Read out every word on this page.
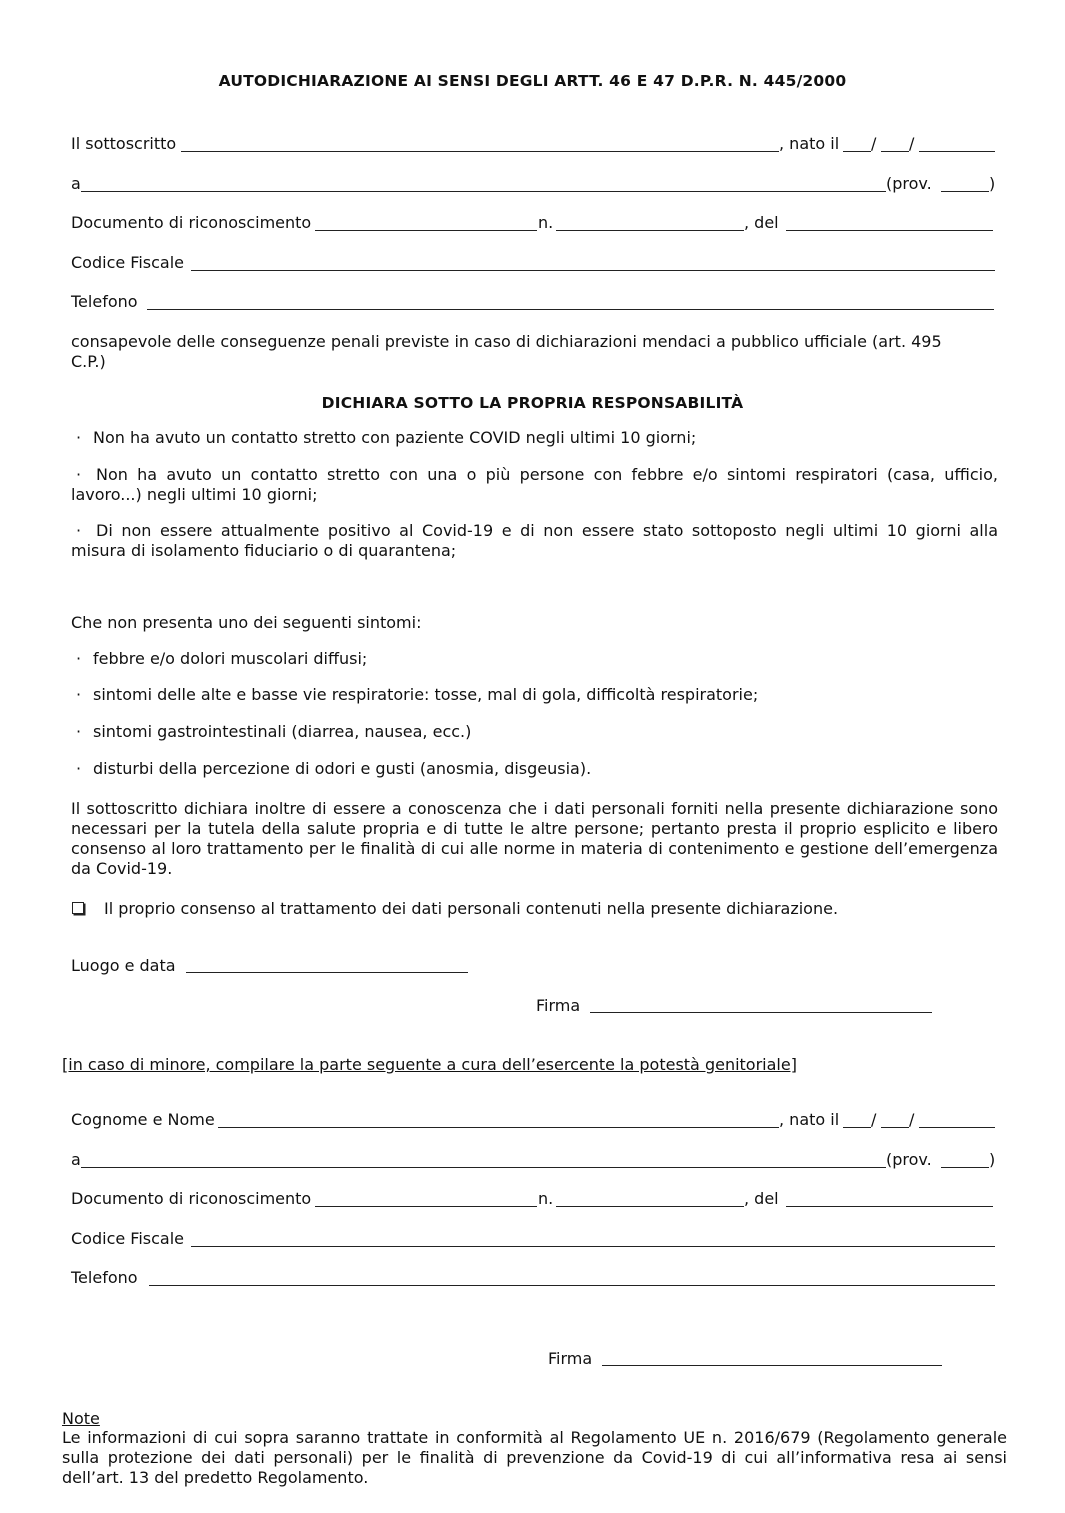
AUTODICHIARAZIONE AI SENSI DEGLI ARTT. 46 E 47 D.P.R. N. 445/2000
Il sottoscritto	, nato il / /
a	(prov.	)
Documento di riconoscimento	n.	, del
Codice Fiscale
Telefono
consapevole delle conseguenze penali previste in caso di dichiarazioni mendaci a pubblico ufficiale (art. 495 C.P.)
DICHIARA SOTTO LA PROPRIA RESPONSABILITÀ
· Non ha avuto un contatto stretto con paziente COVID negli ultimi 10 giorni;
· Non ha avuto un contatto stretto con una o più persone con febbre e/o sintomi respiratori (casa, ufficio, lavoro...) negli ultimi 10 giorni;
· Di non essere attualmente positivo al Covid-19 e di non essere stato sottoposto negli ultimi 10 giorni alla misura di isolamento fiduciario o di quarantena;
Che non presenta uno dei seguenti sintomi:
· febbre e/o dolori muscolari diffusi;
· sintomi delle alte e basse vie respiratorie: tosse, mal di gola, difficoltà respiratorie;
· sintomi gastrointestinali (diarrea, nausea, ecc.)
· disturbi della percezione di odori e gusti (anosmia, disgeusia).
Il sottoscritto dichiara inoltre di essere a conoscenza che i dati personali forniti nella presente dichiarazione sono necessari per la tutela della salute propria e di tutte le altre persone; pertanto presta il proprio esplicito e libero consenso al loro trattamento per le finalità di cui alle norme in materia di contenimento e gestione dell’emergenza da Covid-19.
Il proprio consenso al trattamento dei dati personali contenuti nella presente dichiarazione.
Luogo e data
Firma
[in caso di minore, compilare la parte seguente a cura dell’esercente la potestà genitoriale]
Cognome e Nome	, nato il / /
a	(prov.	)
Documento di riconoscimento	n.	, del
Codice Fiscale
Telefono
Firma
Note
Le informazioni di cui sopra saranno trattate in conformità al Regolamento UE n. 2016/679 (Regolamento generale sulla protezione dei dati personali) per le finalità di prevenzione da Covid-19 di cui all’informativa resa ai sensi dell’art. 13 del predetto Regolamento.
